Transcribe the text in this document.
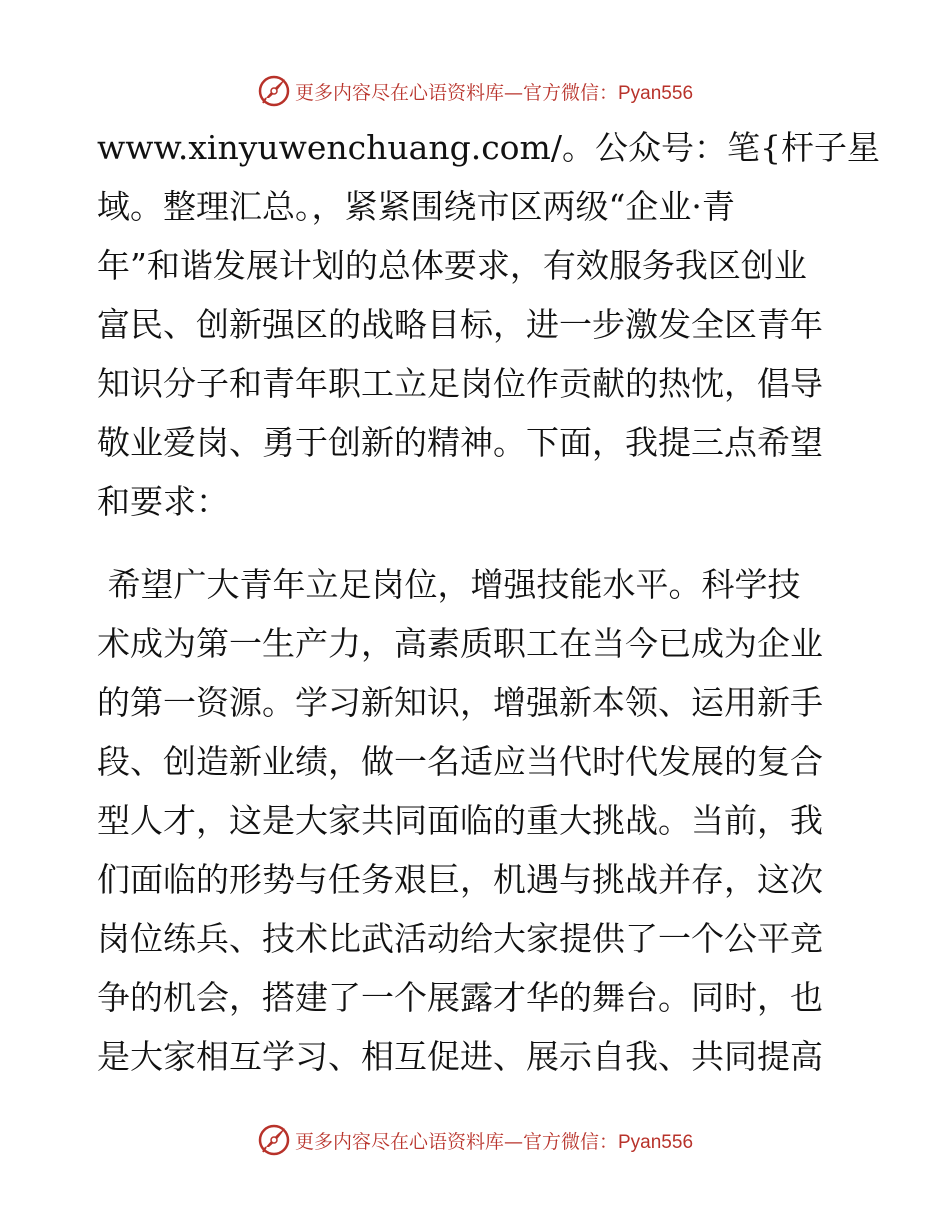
更多内容尽在心语资料库—官方微信：Pyan556
www.xinyuwenchuang.com/。公众号：笔{杆子星
域。整理汇总。，紧紧围绕市区两级“企业·青
年”和谐发展计划的总体要求，有效服务我区创业
富民、创新强区的战略目标，进一步激发全区青年
知识分子和青年职工立足岗位作贡献的热忱，倡导
敬业爱岗、勇于创新的精神。下面，我提三点希望
和要求：
希望广大青年立足岗位，增强技能水平。科学技
术成为第一生产力，高素质职工在当今已成为企业
的第一资源。学习新知识，增强新本领、运用新手
段、创造新业绩，做一名适应当代时代发展的复合
型人才，这是大家共同面临的重大挑战。当前，我
们面临的形势与任务艰巨，机遇与挑战并存，这次
岗位练兵、技术比武活动给大家提供了一个公平竞
争的机会，搭建了一个展露才华的舞台。同时，也
是大家相互学习、相互促进、展示自我、共同提高
更多内容尽在心语资料库—官方微信：Pyan556
